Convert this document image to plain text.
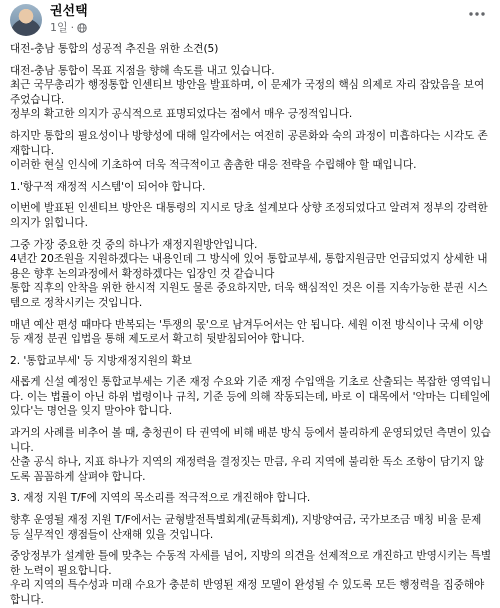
권선택
1일 ·

대전-충남 통합의 성공적 추진을 위한 소견(5)

대전-충남 통합이 목표 지점을 향해 속도를 내고 있습니다.

최근 국무총리가 행정통합 인센티브 방안을 발표하며, 이 문제가 국정의 핵심 의제로 자리 잡았음을 보여주었습니다.

정부의 확고한 의지가 공식적으로 표명되었다는 점에서 매우 긍정적입니다.

하지만 통합의 필요성이나 방향성에 대해 일각에서는 여전히 공론화와 숙의 과정이 미흡하다는 시각도 존재합니다.

이러한 현실 인식에 기초하여 더욱 적극적이고 촘촘한 대응 전략을 수립해야 할 때입니다.

1.'항구적 재정적 시스템'이 되어야 합니다.

이번에 발표된 인센티브 방안은 대통령의 지시로 당초 설계보다 상향 조정되었다고 알려져 정부의 강력한 의지가 읽힙니다.

그중 가장 중요한 것 중의 하나가 재정지원방안입니다.

4년간 20조원을 지원하겠다는 내용인데 그 방식에 있어 통합교부세, 통합지원금만 언급되었지 상세한 내용은 향후 논의과정에서 확정하겠다는 입장인 것 같습니다

통합 직후의 안착을 위한 한시적 지원도 물론 중요하지만, 더욱 핵심적인 것은 이를 지속가능한 분권 시스템으로 정착시키는 것입니다.

매년 예산 편성 때마다 반복되는 '투쟁의 몫'으로 남겨두어서는 안 됩니다. 세원 이전 방식이나 국세 이양 등 재정 분권 입법을 통해 제도로서 확고히 뒷받침되어야 합니다.

2. '통합교부세' 등 지방재정지원의 확보

새롭게 신설 예정인 통합교부세는 기존 재정 수요와 기준 재정 수입액을 기초로 산출되는 복잡한 영역입니다. 이는 법률이 아닌 하위 법령이나 규칙, 기준 등에 의해 작동되는데, 바로 이 대목에서 '악마는 디테일에 있다'는 명언을 잊지 말아야 합니다.

과거의 사례를 비추어 볼 때, 충청권이 타 권역에 비해 배분 방식 등에서 불리하게 운영되었던 측면이 있습니다.

산출 공식 하나, 지표 하나가 지역의 재정력을 결정짓는 만큼, 우리 지역에 불리한 독소 조항이 담기지 않도록 꼼꼼하게 살펴야 합니다.

3. 재정 지원 T/F에 지역의 목소리를 적극적으로 개진해야 합니다.

향후 운영될 재정 지원 T/F에서는 균형발전특별회계(균특회계), 지방양여금, 국가보조금 매칭 비율 문제 등 실무적인 쟁점들이 산재해 있을 것입니다.

중앙정부가 설계한 틀에 맞추는 수동적 자세를 넘어, 지방의 의견을 선제적으로 개진하고 반영시키는 특별한 노력이 필요합니다.

우리 지역의 특수성과 미래 수요가 충분히 반영된 재정 모델이 완성될 수 있도록 모든 행정력을 집중해야 합니다.
